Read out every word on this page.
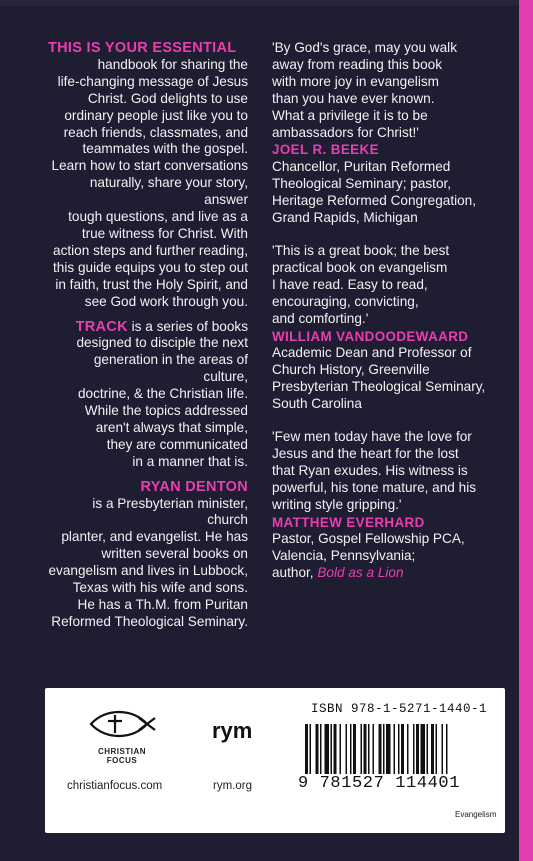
THIS IS YOUR ESSENTIAL
handbook for sharing the
life-changing message of Jesus
Christ. God delights to use
ordinary people just like you to
reach friends, classmates, and
teammates with the gospel.
Learn how to start conversations
naturally, share your story, answer
tough questions, and live as a
true witness for Christ. With
action steps and further reading,
this guide equips you to step out
in faith, trust the Holy Spirit, and
see God work through you.

TRACK is a series of books
designed to disciple the next
generation in the areas of culture,
doctrine, & the Christian life.
While the topics addressed
aren't always that simple,
they are communicated
in a manner that is.

RYAN DENTON
is a Presbyterian minister, church
planter, and evangelist. He has
written several books on
evangelism and lives in Lubbock,
Texas with his wife and sons.
He has a Th.M. from Puritan
Reformed Theological Seminary.

'By God's grace, may you walk
away from reading this book
with more joy in evangelism
than you have ever known.
What a privilege it is to be
ambassadors for Christ!'
JOEL R. BEEKE
Chancellor, Puritan Reformed
Theological Seminary; pastor,
Heritage Reformed Congregation,
Grand Rapids, Michigan
'This is a great book; the best
practical book on evangelism
I have read. Easy to read,
encouraging, convicting,
and comforting.'
WILLIAM VANDOODEWAARD
Academic Dean and Professor of
Church History, Greenville
Presbyterian Theological Seminary,
South Carolina
'Few men today have the love for
Jesus and the heart for the lost
that Ryan exudes. His witness is
powerful, his tone mature, and his
writing style gripping.'
MATTHEW EVERHARD
Pastor, Gospel Fellowship PCA,
Valencia, Pennsylvania;
author, Bold as a Lion
CHRISTIAN
FOCUS
rym
christianfocus.com	rym.org
ISBN 978-1-5271-1440-1
9 781527 114401
Evangelism
